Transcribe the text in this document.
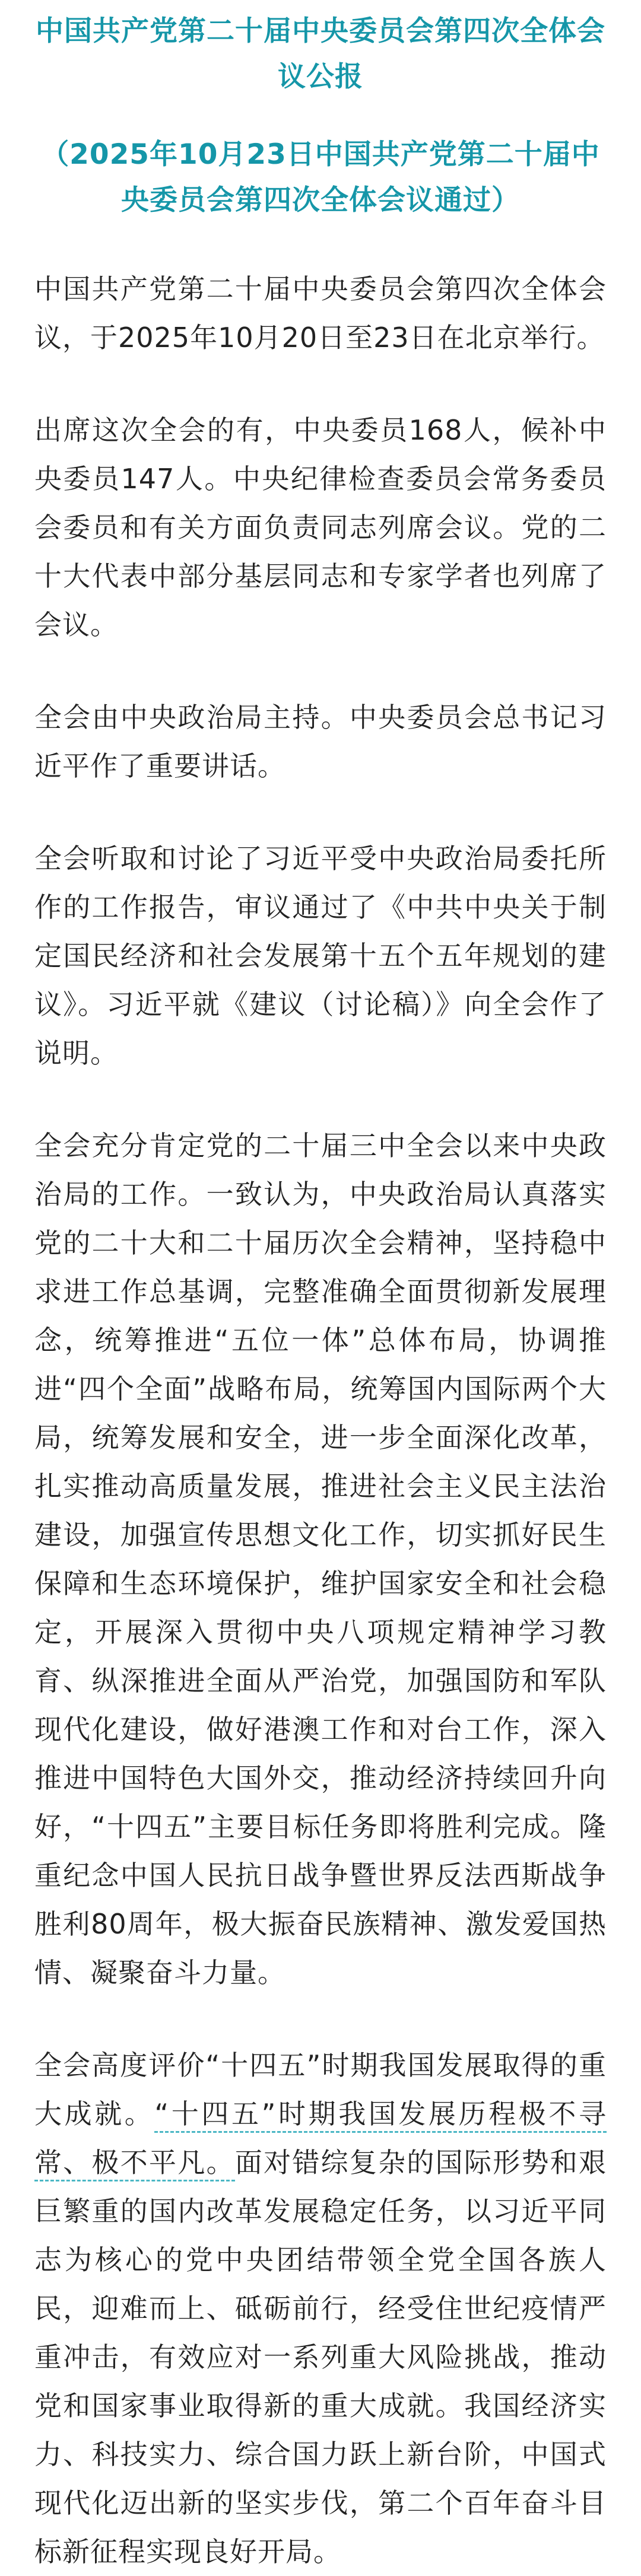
中国共产党第二十届中央委员会第四次全体会议公报
（2025年10月23日中国共产党第二十届中央委员会第四次全体会议通过）

中国共产党第二十届中央委员会第四次全体会议，于2025年10月20日至23日在北京举行。

出席这次全会的有，中央委员168人，候补中央委员147人。中央纪律检查委员会常务委员会委员和有关方面负责同志列席会议。党的二十大代表中部分基层同志和专家学者也列席了会议。

全会由中央政治局主持。中央委员会总书记习近平作了重要讲话。

全会听取和讨论了习近平受中央政治局委托所作的工作报告，审议通过了《中共中央关于制定国民经济和社会发展第十五个五年规划的建议》。习近平就《建议（讨论稿）》向全会作了说明。

全会充分肯定党的二十届三中全会以来中央政治局的工作。一致认为，中央政治局认真落实党的二十大和二十届历次全会精神，坚持稳中求进工作总基调，完整准确全面贯彻新发展理念，统筹推进“五位一体”总体布局，协调推进“四个全面”战略布局，统筹国内国际两个大局，统筹发展和安全，进一步全面深化改革，扎实推动高质量发展，推进社会主义民主法治建设，加强宣传思想文化工作，切实抓好民生保障和生态环境保护，维护国家安全和社会稳定，开展深入贯彻中央八项规定精神学习教育、纵深推进全面从严治党，加强国防和军队现代化建设，做好港澳工作和对台工作，深入推进中国特色大国外交，推动经济持续回升向好，“十四五”主要目标任务即将胜利完成。隆重纪念中国人民抗日战争暨世界反法西斯战争胜利80周年，极大振奋民族精神、激发爱国热情、凝聚奋斗力量。

全会高度评价“十四五”时期我国发展取得的重大成就。“十四五”时期我国发展历程极不寻常、极不平凡。面对错综复杂的国际形势和艰巨繁重的国内改革发展稳定任务，以习近平同志为核心的党中央团结带领全党全国各族人民，迎难而上、砥砺前行，经受住世纪疫情严重冲击，有效应对一系列重大风险挑战，推动党和国家事业取得新的重大成就。我国经济实力、科技实力、综合国力跃上新台阶，中国式现代化迈出新的坚实步伐，第二个百年奋斗目标新征程实现良好开局。
